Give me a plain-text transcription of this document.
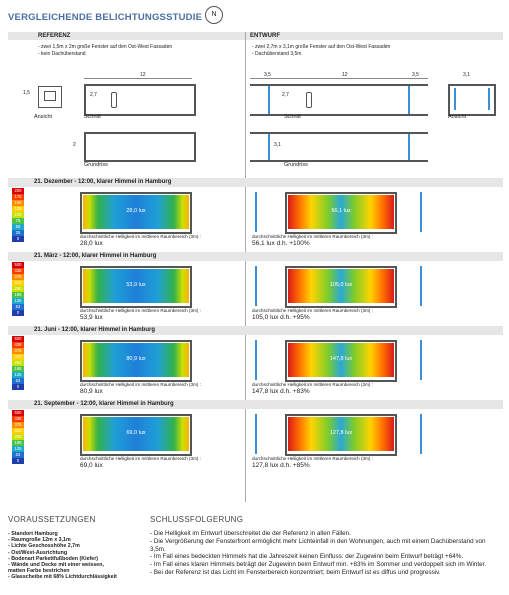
VERGLEICHENDE BELICHTUNGSSTUDIE	N
REFERENZ	ENTWURF
- zwei 1,5m x 2m große Fenster auf den Ost-West Fassaden
- kein Dachüberstand
- zwei 2,7m x 3,1m große Fenster auf den Ost-West Fassaden
- Dachüberstand 3,5m
1,5
Ansicht
12
2,7
Schnitt
2
Grundriss
3,5	12	3,5
2,7
Schnitt
3,1
Ansicht
3,1
Grundriss
21. Dezember - 12:00, klarer Himmel in Hamburg
200
175
150
125
100
75
50
25
0
28,0 lux	56,1 lux
durchschnittliche Helligkeit im mittleren Raumbereich (3m) :
28,0 lux
durchschnittliche Helligkeit im mittleren Raumbereich (3m) :
56,1 lux d.h. +100%
21. März - 12:00, klarer Himmel in Hamburg
500
438
375
313
250
188
125
63
0
53,9 lux	105,0 lux
durchschnittliche Helligkeit im mittleren Raumbereich (3m) :
53,9 lux
durchschnittliche Helligkeit im mittleren Raumbereich (3m) :
105,0 lux d.h. +95%
21. Juni - 12:00, klarer Himmel in Hamburg
500
438
375
313
250
188
125
63
0
80,9 lux	147,8 lux
durchschnittliche Helligkeit im mittleren Raumbereich (3m) :
80,9 lux
durchschnittliche Helligkeit im mittleren Raumbereich (3m) :
147,8 lux d.h. +83%
21. September - 12:00, klarer Himmel in Hamburg
500
438
375
313
250
188
125
63
0
69,0 lux	127,8 lux
durchschnittliche Helligkeit im mittleren Raumbereich (3m) :
69,0 lux
durchschnittliche Helligkeit im mittleren Raumbereich (3m) :
127,8 lux d.h. +85%
VORAUSSETZUNGEN
- Standort Hamburg
- Raumgroße 12m x 3,1m
- Lichte Geschosshöhe 2,7m
- Ost/West-Ausrichtung
- Bodenart Parkettfußboden (Kiefer)
- Wände und Decke mit einer weissen,
matten Farbe bestrichen
- Glasscheibe mit 68% Lichtdurchlässigkeit
SCHLUSSFOLGERUNG
- Die Helligkeit im Entwurf überschreitet die der Referenz in allen Fällen.
- Die Vergrößerung der Fensterfront ermöglicht mehr Lichteinfall in den Wohnungen, auch mit einem Dachüberstand von 3,5m.
- Im Fall eines bedeckten Himmels hat die Jahreszeit keinen Einfluss: der Zugewinn beim Entwurf beträgt +64%.
- Im Fall eines klaren Himmels beträgt der Zugewinn beim Entwurf min. +83% im Sommer und verdoppelt sich im Winter.
- Bei der Referenz ist das Licht im Fensterbereich konzentriert; beim Entwurf ist es diffus und progressiv.
